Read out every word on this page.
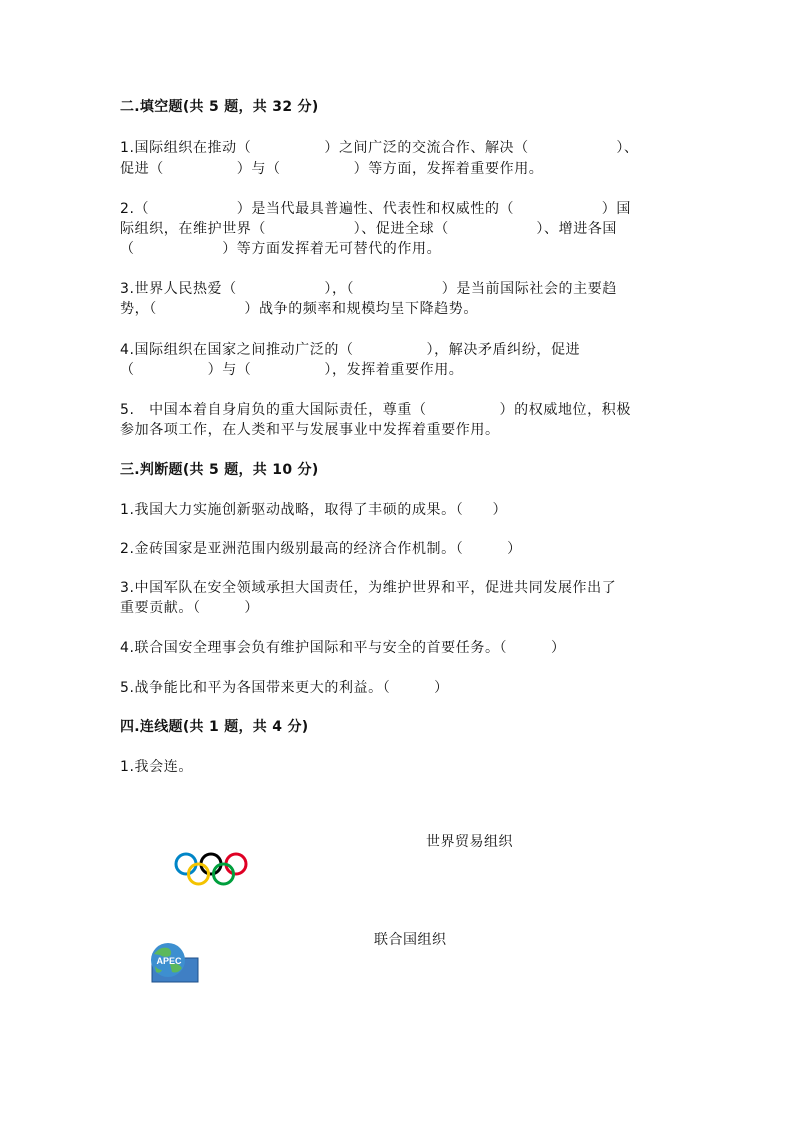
二.填空题(共 5 题，共 32 分)
1.国际组织在推动（　　　　　）之间广泛的交流合作、解决（　　　　　　）、
促进（　　　　　）与（　　　　　）等方面，发挥着重要作用。
2.（　　　　　　）是当代最具普遍性、代表性和权威性的（　　　　　　）国
际组织，在维护世界（　　　　　　）、促进全球（　　　　　　）、增进各国
（　　　　　　）等方面发挥着无可替代的作用。
3.世界人民热爱（　　　　　　），（　　　　　　）是当前国际社会的主要趋
势，（　　　　　　）战争的频率和规模均呈下降趋势。
4.国际组织在国家之间推动广泛的（　　　　　），解决矛盾纠纷，促进
（　　　　　）与（　　　　　），发挥着重要作用。
5.　中国本着自身肩负的重大国际责任，尊重（　　　　　）的权威地位，积极
参加各项工作，在人类和平与发展事业中发挥着重要作用。
三.判断题(共 5 题，共 10 分)
1.我国大力实施创新驱动战略，取得了丰硕的成果。（　　）
2.金砖国家是亚洲范围内级别最高的经济合作机制。（　　　）
3.中国军队在安全领域承担大国责任，为维护世界和平，促进共同发展作出了
重要贡献。（　　　）
4.联合国安全理事会负有维护国际和平与安全的首要任务。（　　　）
5.战争能比和平为各国带来更大的利益。（　　　）
四.连线题(共 1 题，共 4 分)
1.我会连。
世界贸易组织
联合国组织
APEC
